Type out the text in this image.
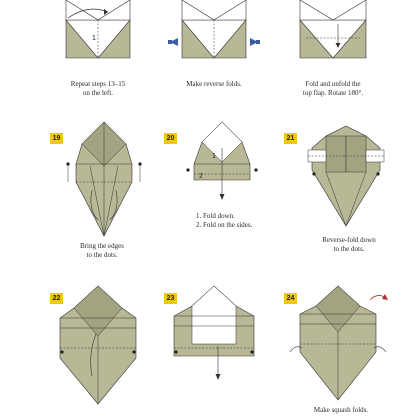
1
Repeat steps 13–15
on the left.
Make reverse folds.	Fold and unfold the
top flap. Rotate 180°.
19
Bring the edges
to the dots.
20
1
2
1. Fold down.
2. Fold on the sides.
21
Reverse-fold down
to the dots.
22	23	24
Make squash folds.
